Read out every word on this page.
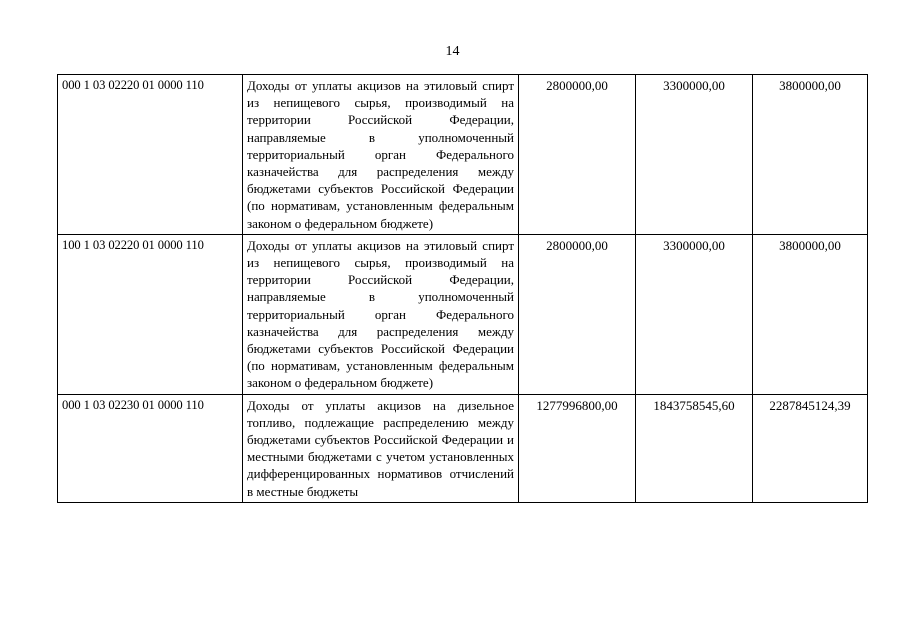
14
000 1 03 02220 01 0000 110	Доходы от уплаты акцизов на этиловый спирт из непищевого сырья, производимый на территории Российской Федерации, направляемые в уполномоченный территориальный орган Федерального казначейства для распределения между бюджетами субъектов Российской Федерации (по нормативам, установленным федеральным законом о федеральном бюджете)	2800000,00	3300000,00	3800000,00
100 1 03 02220 01 0000 110	Доходы от уплаты акцизов на этиловый спирт из непищевого сырья, производимый на территории Российской Федерации, направляемые в уполномоченный территориальный орган Федерального казначейства для распределения между бюджетами субъектов Российской Федерации (по нормативам, установленным федеральным законом о федеральном бюджете)	2800000,00	3300000,00	3800000,00
000 1 03 02230 01 0000 110	Доходы от уплаты акцизов на дизельное топливо, подлежащие распределению между бюджетами субъектов Российской Федерации и местными бюджетами с учетом установленных дифференцированных нормативов отчислений в местные бюджеты	1277996800,00	1843758545,60	2287845124,39
